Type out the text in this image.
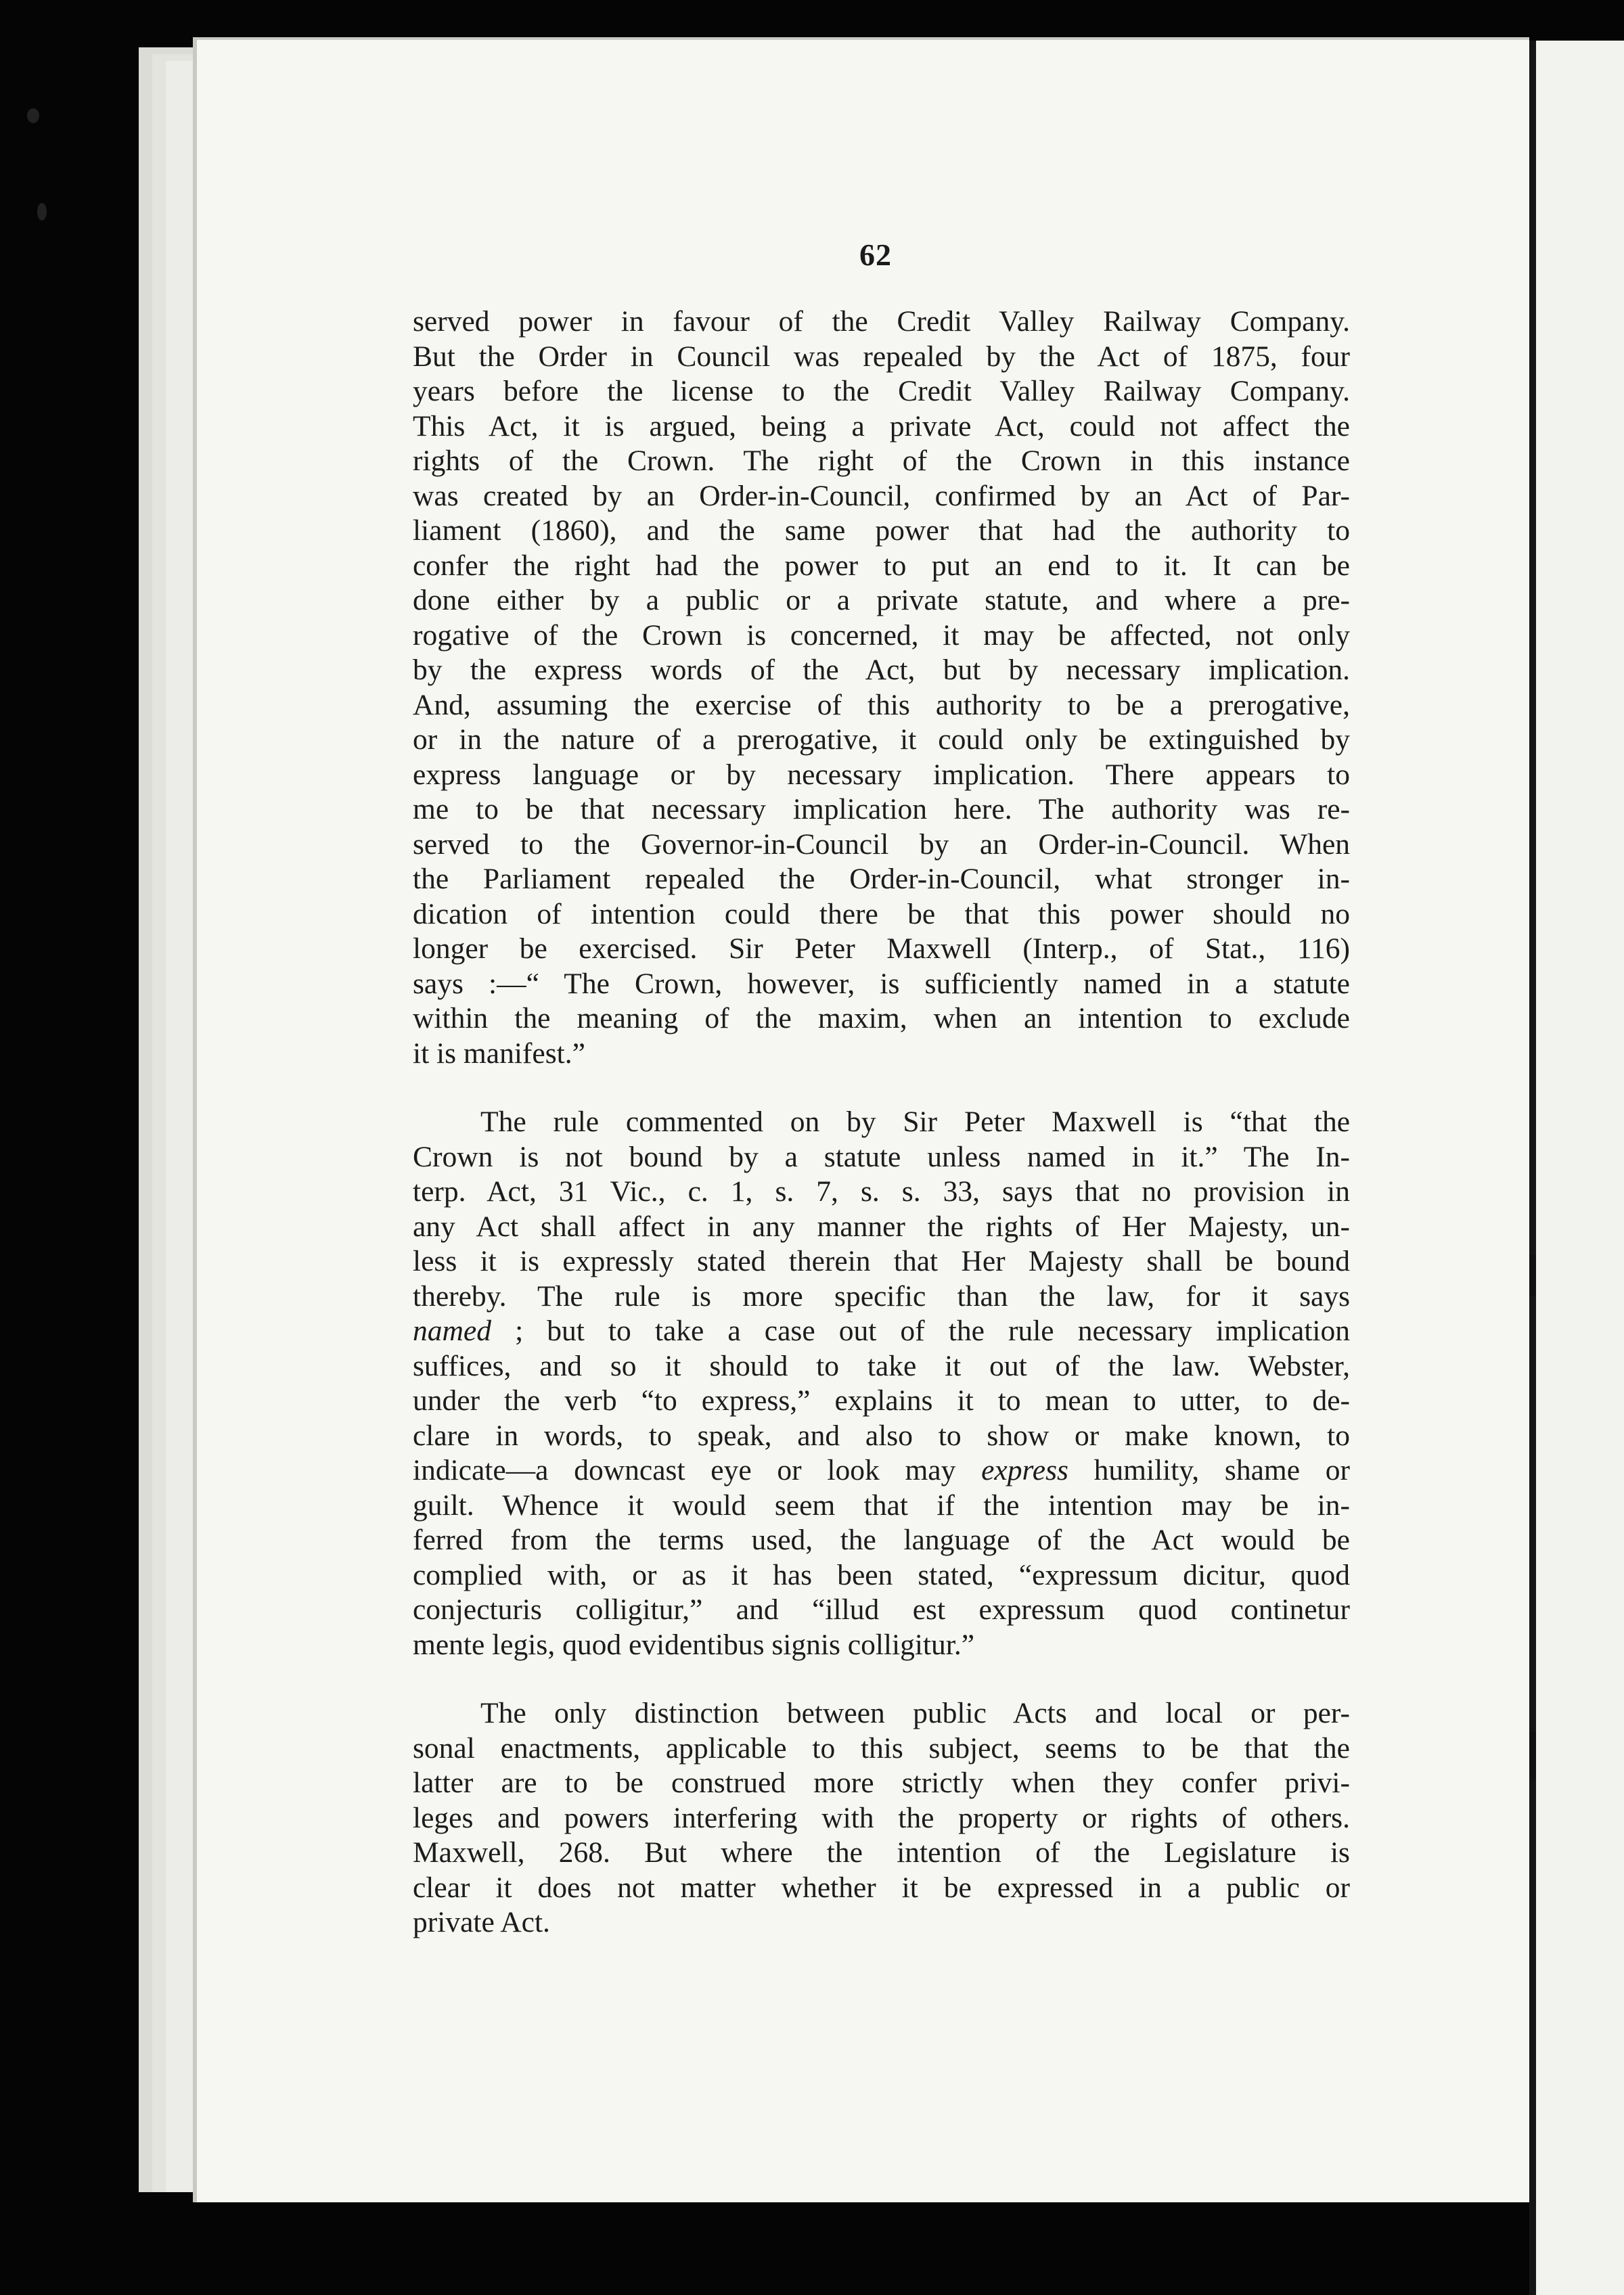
62

served power in favour of the Credit Valley Railway Company.
But the Order in Council was repealed by the Act of 1875, four
years before the license to the Credit Valley Railway Company.
This Act, it is argued, being a private Act, could not affect the
rights of the Crown. The right of the Crown in this instance
was created by an Order-in-Council, confirmed by an Act of Par-
liament (1860), and the same power that had the authority to
confer the right had the power to put an end to it. It can be
done either by a public or a private statute, and where a pre-
rogative of the Crown is concerned, it may be affected, not only
by the express words of the Act, but by necessary implication.
And, assuming the exercise of this authority to be a prerogative,
or in the nature of a prerogative, it could only be extinguished by
express language or by necessary implication. There appears to
me to be that necessary implication here. The authority was re-
served to the Governor-in-Council by an Order-in-Council. When
the Parliament repealed the Order-in-Council, what stronger in-
dication of intention could there be that this power should no
longer be exercised. Sir Peter Maxwell (Interp., of Stat., 116)
says :—“ The Crown, however, is sufficiently named in a statute
within the meaning of the maxim, when an intention to exclude
it is manifest.”

The rule commented on by Sir Peter Maxwell is “that the
Crown is not bound by a statute unless named in it.” The In-
terp. Act, 31 Vic., c. 1, s. 7, s. s. 33, says that no provision in
any Act shall affect in any manner the rights of Her Majesty, un-
less it is expressly stated therein that Her Majesty shall be bound
thereby. The rule is more specific than the law, for it says
named ; but to take a case out of the rule necessary implication
suffices, and so it should to take it out of the law. Webster,
under the verb “to express,” explains it to mean to utter, to de-
clare in words, to speak, and also to show or make known, to
indicate—a downcast eye or look may express humility, shame or
guilt. Whence it would seem that if the intention may be in-
ferred from the terms used, the language of the Act would be
complied with, or as it has been stated, “expressum dicitur, quod
conjecturis colligitur,” and “illud est expressum quod continetur
mente legis, quod evidentibus signis colligitur.”

The only distinction between public Acts and local or per-
sonal enactments, applicable to this subject, seems to be that the
latter are to be construed more strictly when they confer privi-
leges and powers interfering with the property or rights of others.
Maxwell, 268. But where the intention of the Legislature is
clear it does not matter whether it be expressed in a public or
private Act.
